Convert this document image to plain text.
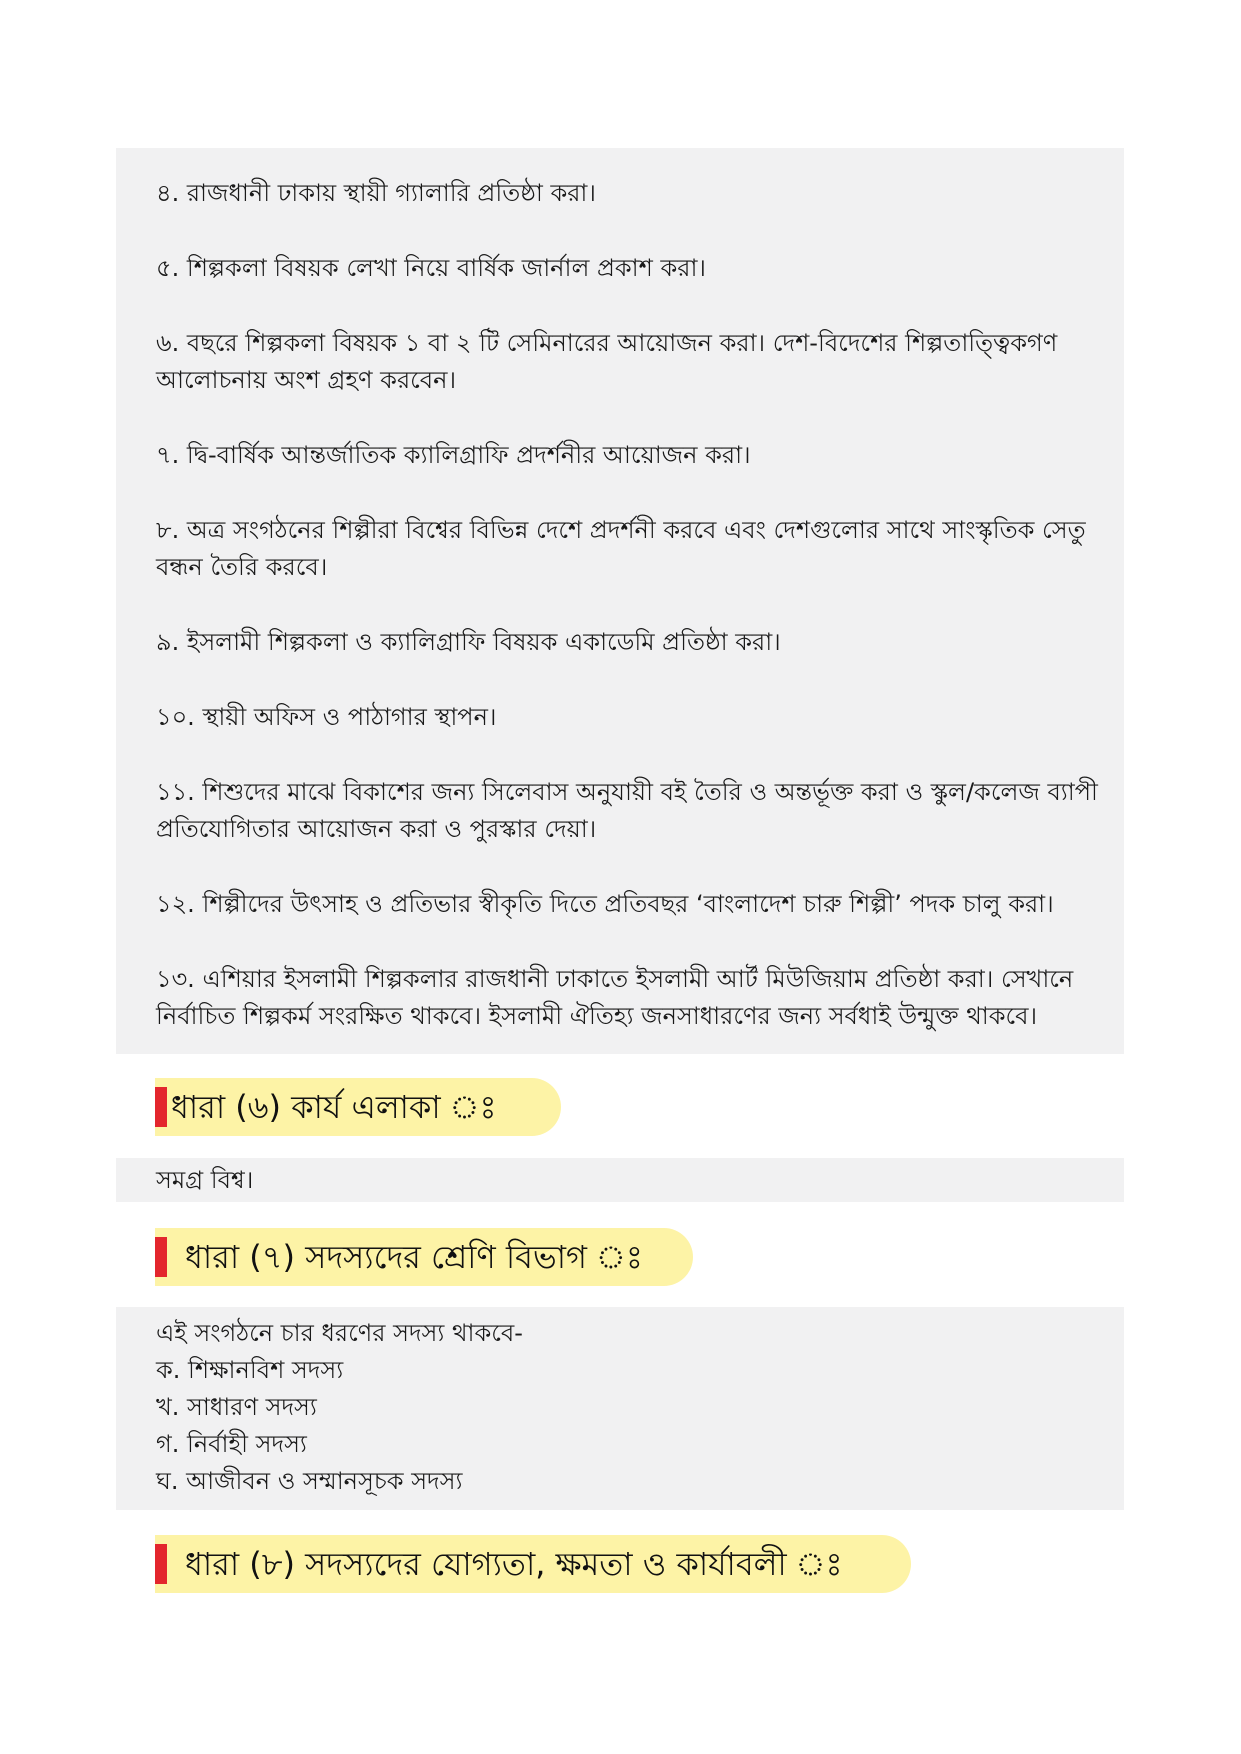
৪. রাজধানী ঢাকায় স্থায়ী গ্যালারি প্রতিষ্ঠা করা।

৫. শিল্পকলা বিষয়ক লেখা নিয়ে বার্ষিক জার্নাল প্রকাশ করা।

৬. বছরে শিল্পকলা বিষয়ক ১ বা ২ টি সেমিনারের আয়োজন করা। দেশ-বিদেশের শিল্পতাত্ত্বিকগণ
আলোচনায় অংশ গ্রহণ করবেন।

৭. দ্বি-বার্ষিক আন্তর্জাতিক ক্যালিগ্রাফি প্রদর্শনীর আয়োজন করা।

৮. অত্র সংগঠনের শিল্পীরা বিশ্বের বিভিন্ন দেশে প্রদর্শনী করবে এবং দেশগুলোর সাথে সাংস্কৃতিক সেতু
বন্ধন তৈরি করবে।

৯. ইসলামী শিল্পকলা ও ক্যালিগ্রাফি বিষয়ক একাডেমি প্রতিষ্ঠা করা।

১০. স্থায়ী অফিস ও পাঠাগার স্থাপন।

১১. শিশুদের মাঝে বিকাশের জন্য সিলেবাস অনুযায়ী বই তৈরি ও অন্তর্ভূক্ত করা ও স্কুল/কলেজ ব্যাপী
প্রতিযোগিতার আয়োজন করা ও পুরস্কার দেয়া।

১২. শিল্পীদের উৎসাহ ও প্রতিভার স্বীকৃতি দিতে প্রতিবছর ‘বাংলাদেশ চারু শিল্পী’ পদক চালু করা।

১৩. এশিয়ার ইসলামী শিল্পকলার রাজধানী ঢাকাতে ইসলামী আর্ট মিউজিয়াম প্রতিষ্ঠা করা। সেখানে
নির্বাচিত শিল্পকর্ম সংরক্ষিত থাকবে। ইসলামী ঐতিহ্য জনসাধারণের জন্য সর্বধাই উন্মুক্ত থাকবে।

ধারা (৬) কার্য এলাকা ঃ

সমগ্র বিশ্ব।

ধারা (৭) সদস্যদের শ্রেণি বিভাগ ঃ

এই সংগঠনে চার ধরণের সদস্য থাকবে-

ক. শিক্ষানবিশ সদস্য

খ. সাধারণ সদস্য

গ. নির্বাহী সদস্য

ঘ. আজীবন ও সম্মানসূচক সদস্য

ধারা (৮) সদস্যদের যোগ্যতা, ক্ষমতা ও কার্যাবলী ঃ
